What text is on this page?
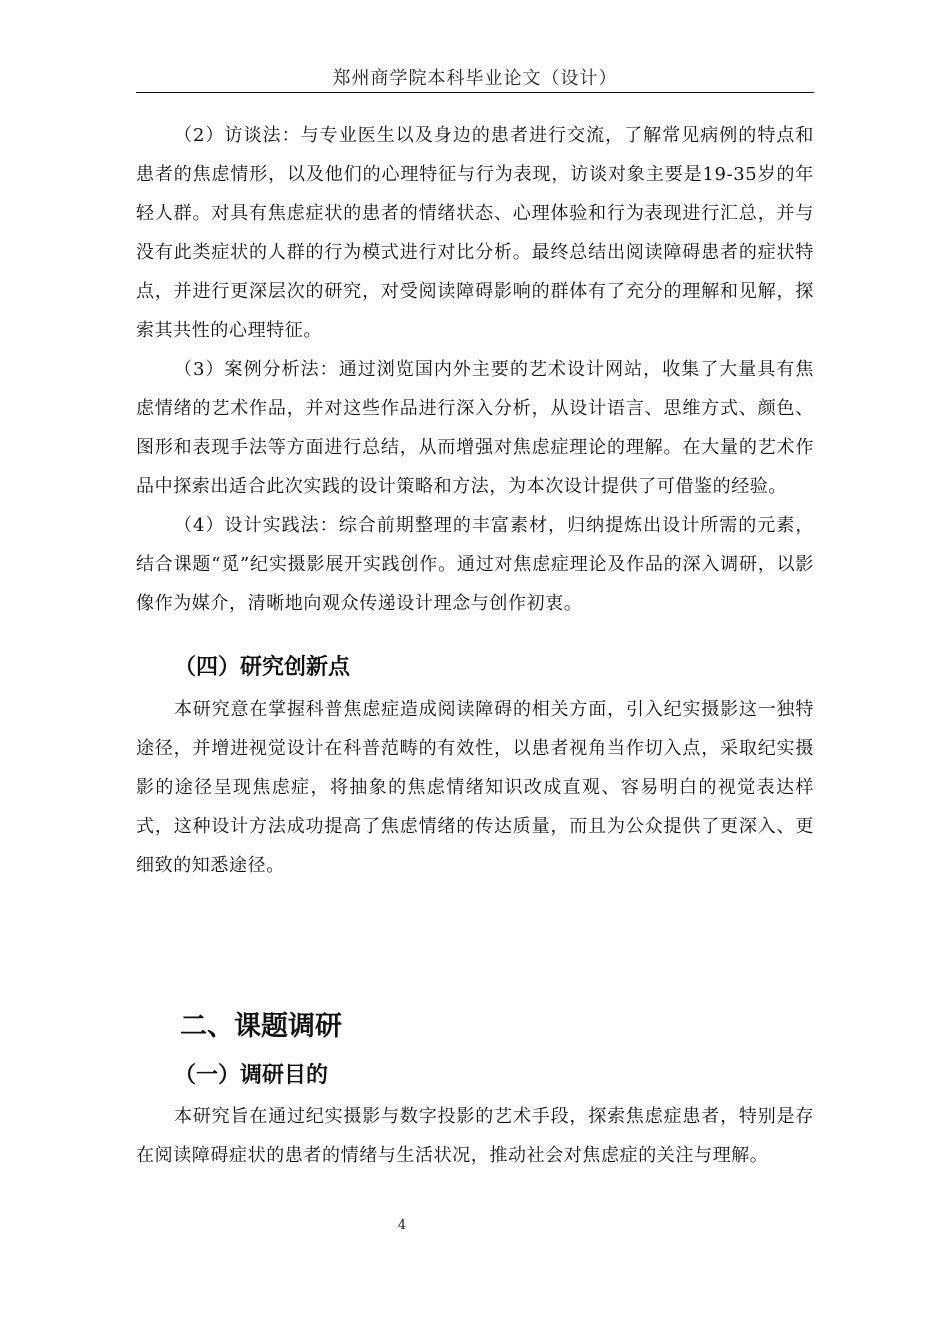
郑州商学院本科毕业论文（设计）

（2）访谈法：与专业医生以及身边的患者进行交流，了解常见病例的特点和患者的焦虑情形，以及他们的心理特征与行为表现，访谈对象主要是19-35岁的年轻人群。对具有焦虑症状的患者的情绪状态、心理体验和行为表现进行汇总，并与没有此类症状的人群的行为模式进行对比分析。最终总结出阅读障碍患者的症状特点，并进行更深层次的研究，对受阅读障碍影响的群体有了充分的理解和见解，探索其共性的心理特征。

（3）案例分析法：通过浏览国内外主要的艺术设计网站，收集了大量具有焦虑情绪的艺术作品，并对这些作品进行深入分析，从设计语言、思维方式、颜色、图形和表现手法等方面进行总结，从而增强对焦虑症理论的理解。在大量的艺术作品中探索出适合此次实践的设计策略和方法，为本次设计提供了可借鉴的经验。

（4）设计实践法：综合前期整理的丰富素材，归纳提炼出设计所需的元素，结合课题“觅”纪实摄影展开实践创作。通过对焦虑症理论及作品的深入调研，以影像作为媒介，清晰地向观众传递设计理念与创作初衷。

（四）研究创新点

本研究意在掌握科普焦虑症造成阅读障碍的相关方面，引入纪实摄影这一独特途径，并增进视觉设计在科普范畴的有效性，以患者视角当作切入点，采取纪实摄影的途径呈现焦虑症，将抽象的焦虑情绪知识改成直观、容易明白的视觉表达样式，这种设计方法成功提高了焦虑情绪的传达质量，而且为公众提供了更深入、更细致的知悉途径。

二、课题调研
（一）调研目的

本研究旨在通过纪实摄影与数字投影的艺术手段，探索焦虑症患者，特别是存在阅读障碍症状的患者的情绪与生活状况，推动社会对焦虑症的关注与理解。

4
